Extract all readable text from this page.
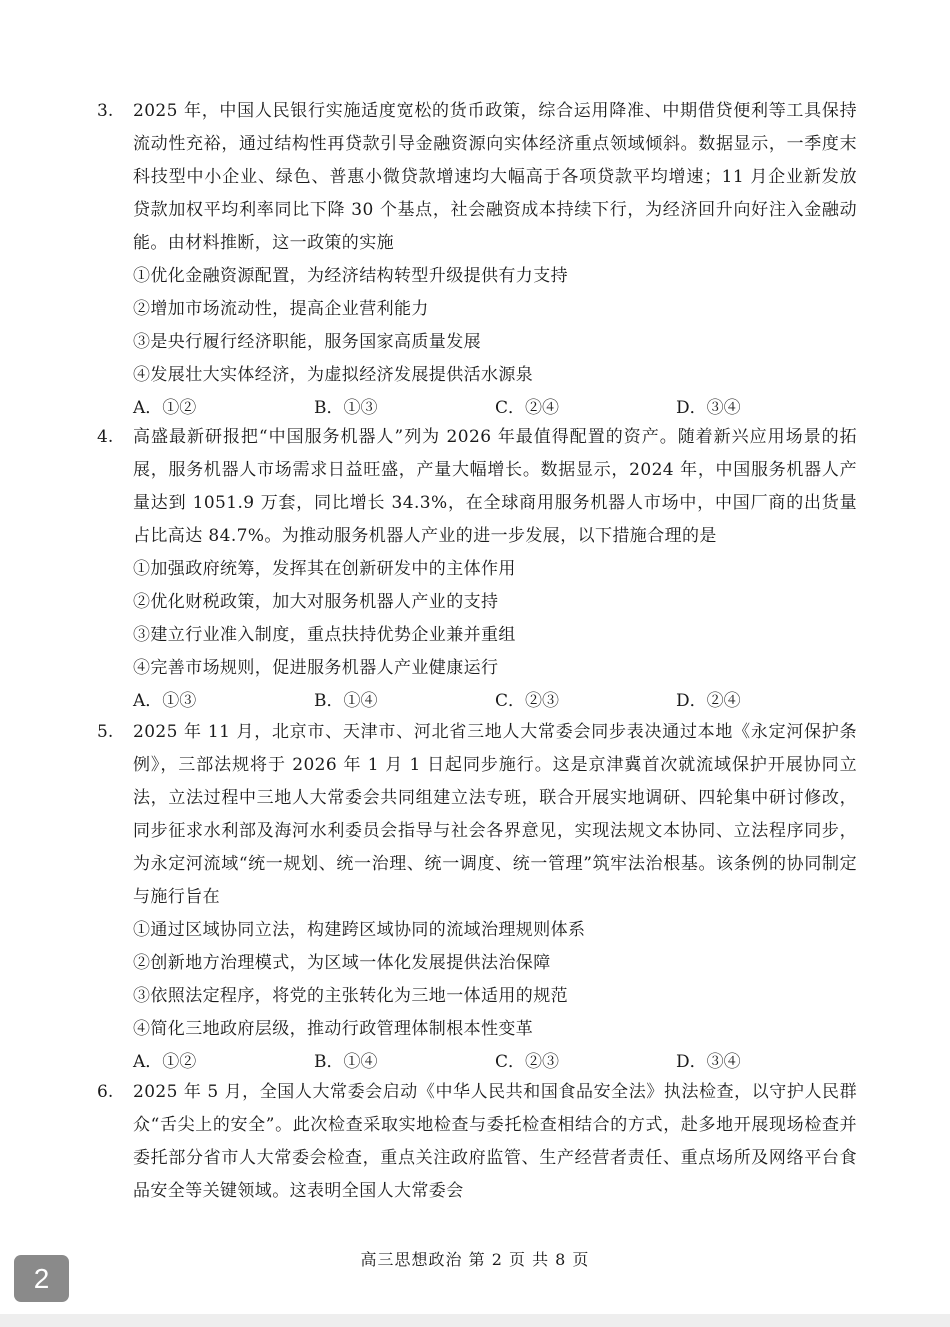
3. 2025 年，中国人民银行实施适度宽松的货币政策，综合运用降准、中期借贷便利等工具保持流动性充裕，通过结构性再贷款引导金融资源向实体经济重点领域倾斜。数据显示，一季度末科技型中小企业、绿色、普惠小微贷款增速均大幅高于各项贷款平均增速；11 月企业新发放贷款加权平均利率同比下降 30 个基点，社会融资成本持续下行，为经济回升向好注入金融动能。由材料推断，这一政策的实施
①优化金融资源配置，为经济结构转型升级提供有力支持
②增加市场流动性，提高企业营利能力
③是央行履行经济职能，服务国家高质量发展
④发展壮大实体经济，为虚拟经济发展提供活水源泉
A．①②	B．①③	C．②④	D．③④
4. 高盛最新研报把“中国服务机器人”列为 2026 年最值得配置的资产。随着新兴应用场景的拓展，服务机器人市场需求日益旺盛，产量大幅增长。数据显示，2024 年，中国服务机器人产量达到 1051.9 万套，同比增长 34.3%，在全球商用服务机器人市场中，中国厂商的出货量占比高达 84.7%。为推动服务机器人产业的进一步发展，以下措施合理的是
①加强政府统筹，发挥其在创新研发中的主体作用
②优化财税政策，加大对服务机器人产业的支持
③建立行业准入制度，重点扶持优势企业兼并重组
④完善市场规则，促进服务机器人产业健康运行
A．①③	B．①④	C．②③	D．②④
5. 2025 年 11 月，北京市、天津市、河北省三地人大常委会同步表决通过本地《永定河保护条例》，三部法规将于 2026 年 1 月 1 日起同步施行。这是京津冀首次就流域保护开展协同立法，立法过程中三地人大常委会共同组建立法专班，联合开展实地调研、四轮集中研讨修改，同步征求水利部及海河水利委员会指导与社会各界意见，实现法规文本协同、立法程序同步，为永定河流域“统一规划、统一治理、统一调度、统一管理”筑牢法治根基。该条例的协同制定与施行旨在
①通过区域协同立法，构建跨区域协同的流域治理规则体系
②创新地方治理模式，为区域一体化发展提供法治保障
③依照法定程序，将党的主张转化为三地一体适用的规范
④简化三地政府层级，推动行政管理体制根本性变革
A．①②	B．①④	C．②③	D．③④
6. 2025 年 5 月，全国人大常委会启动《中华人民共和国食品安全法》执法检查，以守护人民群众“舌尖上的安全”。此次检查采取实地检查与委托检查相结合的方式，赴多地开展现场检查并委托部分省市人大常委会检查，重点关注政府监管、生产经营者责任、重点场所及网络平台食品安全等关键领域。这表明全国人大常委会
高三思想政治 第 2 页 共 8 页
2
